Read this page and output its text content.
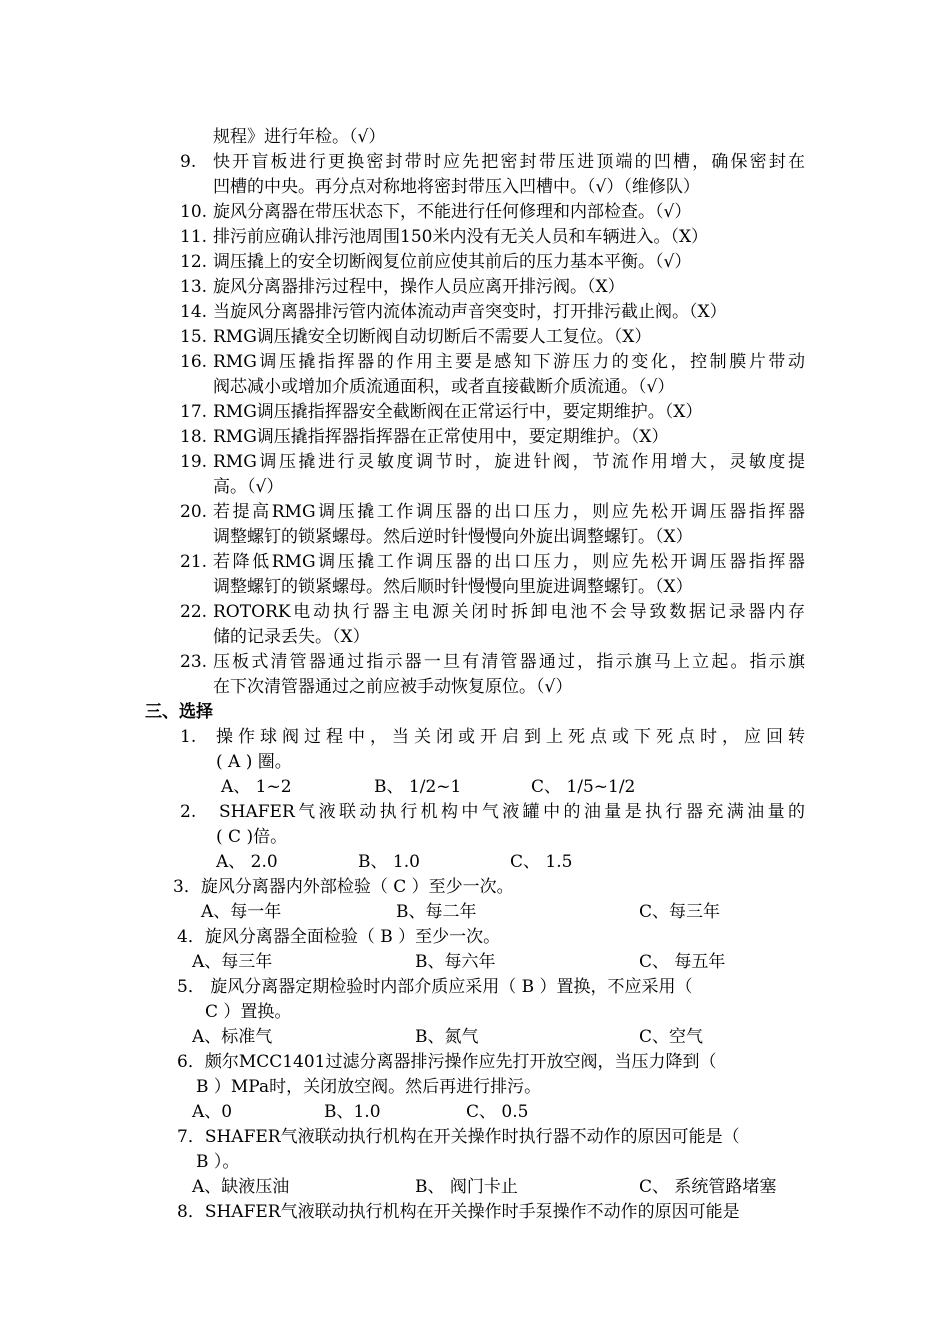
规程》进行年检。（√）
9. 快开盲板进行更换密封带时应先把密封带压进顶端的凹槽，确保密封在
凹槽的中央。再分点对称地将密封带压入凹槽中。（√）（维修队）
10. 旋风分离器在带压状态下，不能进行任何修理和内部检查。（√）
11. 排污前应确认排污池周围150米内没有无关人员和车辆进入。（X）
12. 调压撬上的安全切断阀复位前应使其前后的压力基本平衡。（√）
13. 旋风分离器排污过程中，操作人员应离开排污阀。（X）
14. 当旋风分离器排污管内流体流动声音突变时，打开排污截止阀。（X）
15. RMG调压撬安全切断阀自动切断后不需要人工复位。（X）
16. RMG调压撬指挥器的作用主要是感知下游压力的变化，控制膜片带动
阀芯减小或增加介质流通面积，或者直接截断介质流通。（√）
17. RMG调压撬指挥器安全截断阀在正常运行中，要定期维护。（X）
18. RMG调压撬指挥器指挥器在正常使用中，要定期维护。（X）
19. RMG调压撬进行灵敏度调节时，旋进针阀，节流作用增大，灵敏度提
高。（√）
20. 若提高RMG调压撬工作调压器的出口压力，则应先松开调压器指挥器
调整螺钉的锁紧螺母。然后逆时针慢慢向外旋出调整螺钉。（X）
21. 若降低RMG调压撬工作调压器的出口压力，则应先松开调压器指挥器
调整螺钉的锁紧螺母。然后顺时针慢慢向里旋进调整螺钉。（X）
22. ROTORK电动执行器主电源关闭时拆卸电池不会导致数据记录器内存
储的记录丢失。（X）
23. 压板式清管器通过指示器一旦有清管器通过，指示旗马上立起。指示旗
在下次清管器通过之前应被手动恢复原位。（√）
三、选择
1. 操作球阀过程中，当关闭或开启到上死点或下死点时，应回转
( A ) 圈。
A、 1~2	B、 1/2~1	C、 1/5~1/2
2. SHAFER气液联动执行机构中气液罐中的油量是执行器充满油量的
( C )倍。
A、 2.0	B、 1.0	C、 1.5
3．旋风分离器内外部检验（ C ）至少一次。
A、每一年	B、每二年	C、每三年
4．旋风分离器全面检验（ B ）至少一次。
A、每三年	B、每六年	C、 每五年
5． 旋风分离器定期检验时内部介质应采用（ B ）置换，不应采用（
C ）置换。
A、标准气	B、氮气	C、空气
6．颇尔MCC1401过滤分离器排污操作应先打开放空阀，当压力降到（
B ）MPa时，关闭放空阀。然后再进行排污。
A、0	B、1.0	C、 0.5
7．SHAFER气液联动执行机构在开关操作时执行器不动作的原因可能是（
B ）。
A、缺液压油	B、 阀门卡止	C、 系统管路堵塞
8．SHAFER气液联动执行机构在开关操作时手泵操作不动作的原因可能是
